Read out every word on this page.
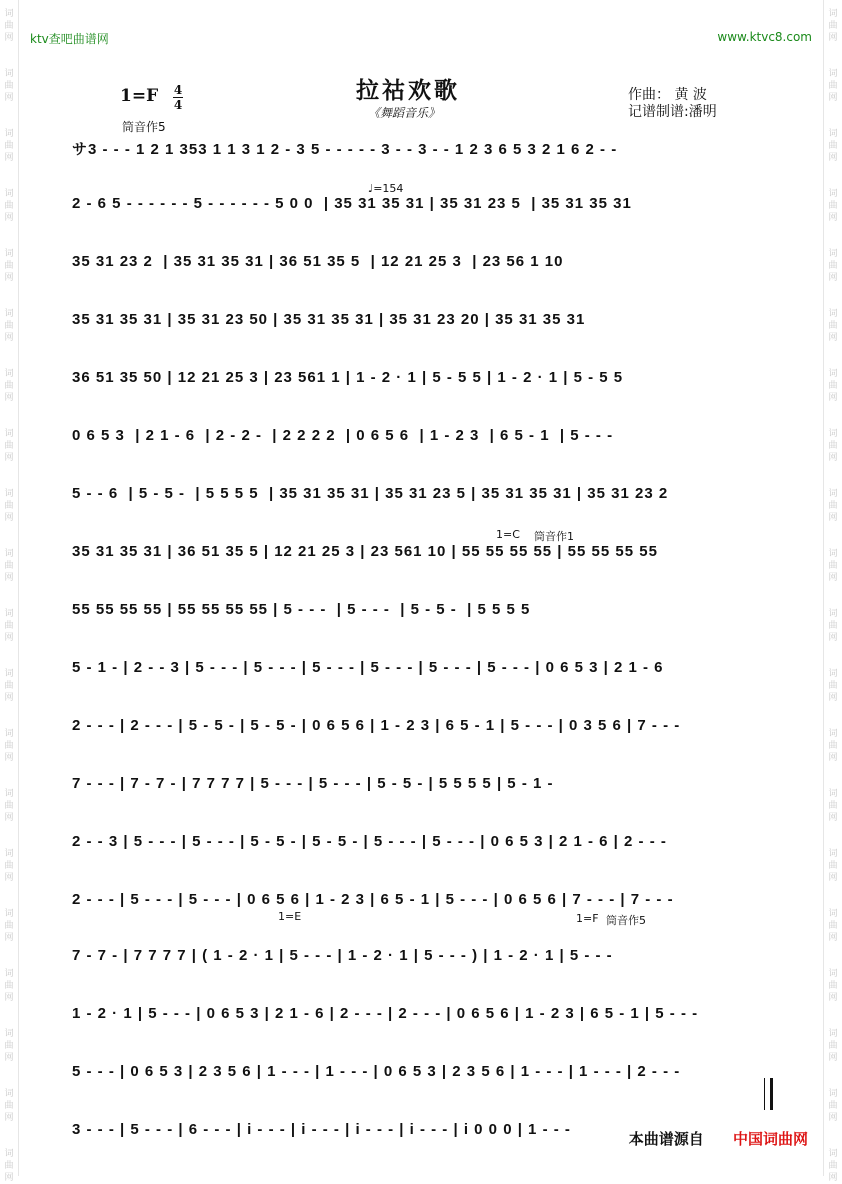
词
曲
网
词
曲
网
词
曲
网
词
曲
网
词
曲
网
词
曲
网
词
曲
网
词
曲
网
词
曲
网
词
曲
网
词
曲
网
词
曲
网
词
曲
网
词
曲
网
词
曲
网
词
曲
网
词
曲
网
词
曲
网
词
曲
网
词
曲
网
词
曲
网
词
曲
网
词
曲
网
词
曲
网
词
曲
网
词
曲
网
词
曲
网
词
曲
网
词
曲
网
词
曲
网
词
曲
网
词
曲
网
词
曲
网
词
曲
网
词
曲
网
词
曲
网
词
曲
网
词
曲
网
词
曲
网
词
曲
网
ktv查吧曲谱网	www.ktvc8.com
1=F 4
4
拉祜欢歌
《舞蹈音乐》
作曲： 黄 波
记谱制谱:潘明
筒音作5
♩=154
1=C 筒音作1
1=E	1=F 筒音作5
サ3 - - - 1 2 1 353 1 1 3 1 2 - 3 5 - - - - - 3 - - 3 - - 1 2 3 6 5 3 2 1 6 2 - -
2 - 6 5 - - - - - - 5 - - - - - - 5 0 0  | 35 31 35 31 | 35 31 23 5  | 35 31 35 31
35 31 23 2  | 35 31 35 31 | 36 51 35 5  | 12 21 25 3  | 23 56 1 10
35 31 35 31 | 35 31 23 50 | 35 31 35 31 | 35 31 23 20 | 35 31 35 31
36 51 35 50 | 12 21 25 3 | 23 561 1 | 1 - 2 · 1 | 5 - 5 5 | 1 - 2 · 1 | 5 - 5 5
0 6 5 3  | 2 1 - 6  | 2 - 2 -  | 2 2 2 2  | 0 6 5 6  | 1 - 2 3  | 6 5 - 1  | 5 - - -
5 - - 6  | 5 - 5 -  | 5 5 5 5  | 35 31 35 31 | 35 31 23 5 | 35 31 35 31 | 35 31 23 2
35 31 35 31 | 36 51 35 5 | 12 21 25 3 | 23 561 10 | 55 55 55 55 | 55 55 55 55
55 55 55 55 | 55 55 55 55 | 5 - - -  | 5 - - -  | 5 - 5 -  | 5 5 5 5
5 - 1 - | 2 - - 3 | 5 - - - | 5 - - - | 5 - - - | 5 - - - | 5 - - - | 5 - - - | 0 6 5 3 | 2 1 - 6
2 - - - | 2 - - - | 5 - 5 - | 5 - 5 - | 0 6 5 6 | 1 - 2 3 | 6 5 - 1 | 5 - - - | 0 3 5 6 | 7 - - -
7 - - - | 7 - 7 - | 7 7 7 7 | 5 - - - | 5 - - - | 5 - 5 - | 5 5 5 5 | 5 - 1 -
2 - - 3 | 5 - - - | 5 - - - | 5 - 5 - | 5 - 5 - | 5 - - - | 5 - - - | 0 6 5 3 | 2 1 - 6 | 2 - - -
2 - - - | 5 - - - | 5 - - - | 0 6 5 6 | 1 - 2 3 | 6 5 - 1 | 5 - - - | 0 6 5 6 | 7 - - - | 7 - - -
7 - 7 - | 7 7 7 7 | ( 1 - 2 · 1 | 5 - - - | 1 - 2 · 1 | 5 - - - ) | 1 - 2 · 1 | 5 - - -
1 - 2 · 1 | 5 - - - | 0 6 5 3 | 2 1 - 6 | 2 - - - | 2 - - - | 0 6 5 6 | 1 - 2 3 | 6 5 - 1 | 5 - - -
5 - - - | 0 6 5 3 | 2 3 5 6 | 1 - - - | 1 - - - | 0 6 5 3 | 2 3 5 6 | 1 - - - | 1 - - - | 2 - - -
3 - - - | 5 - - - | 6 - - - | i - - - | i - - - | i - - - | i - - - | i 0 0 0 | 1 - - -
本曲谱源自 中国词曲网
